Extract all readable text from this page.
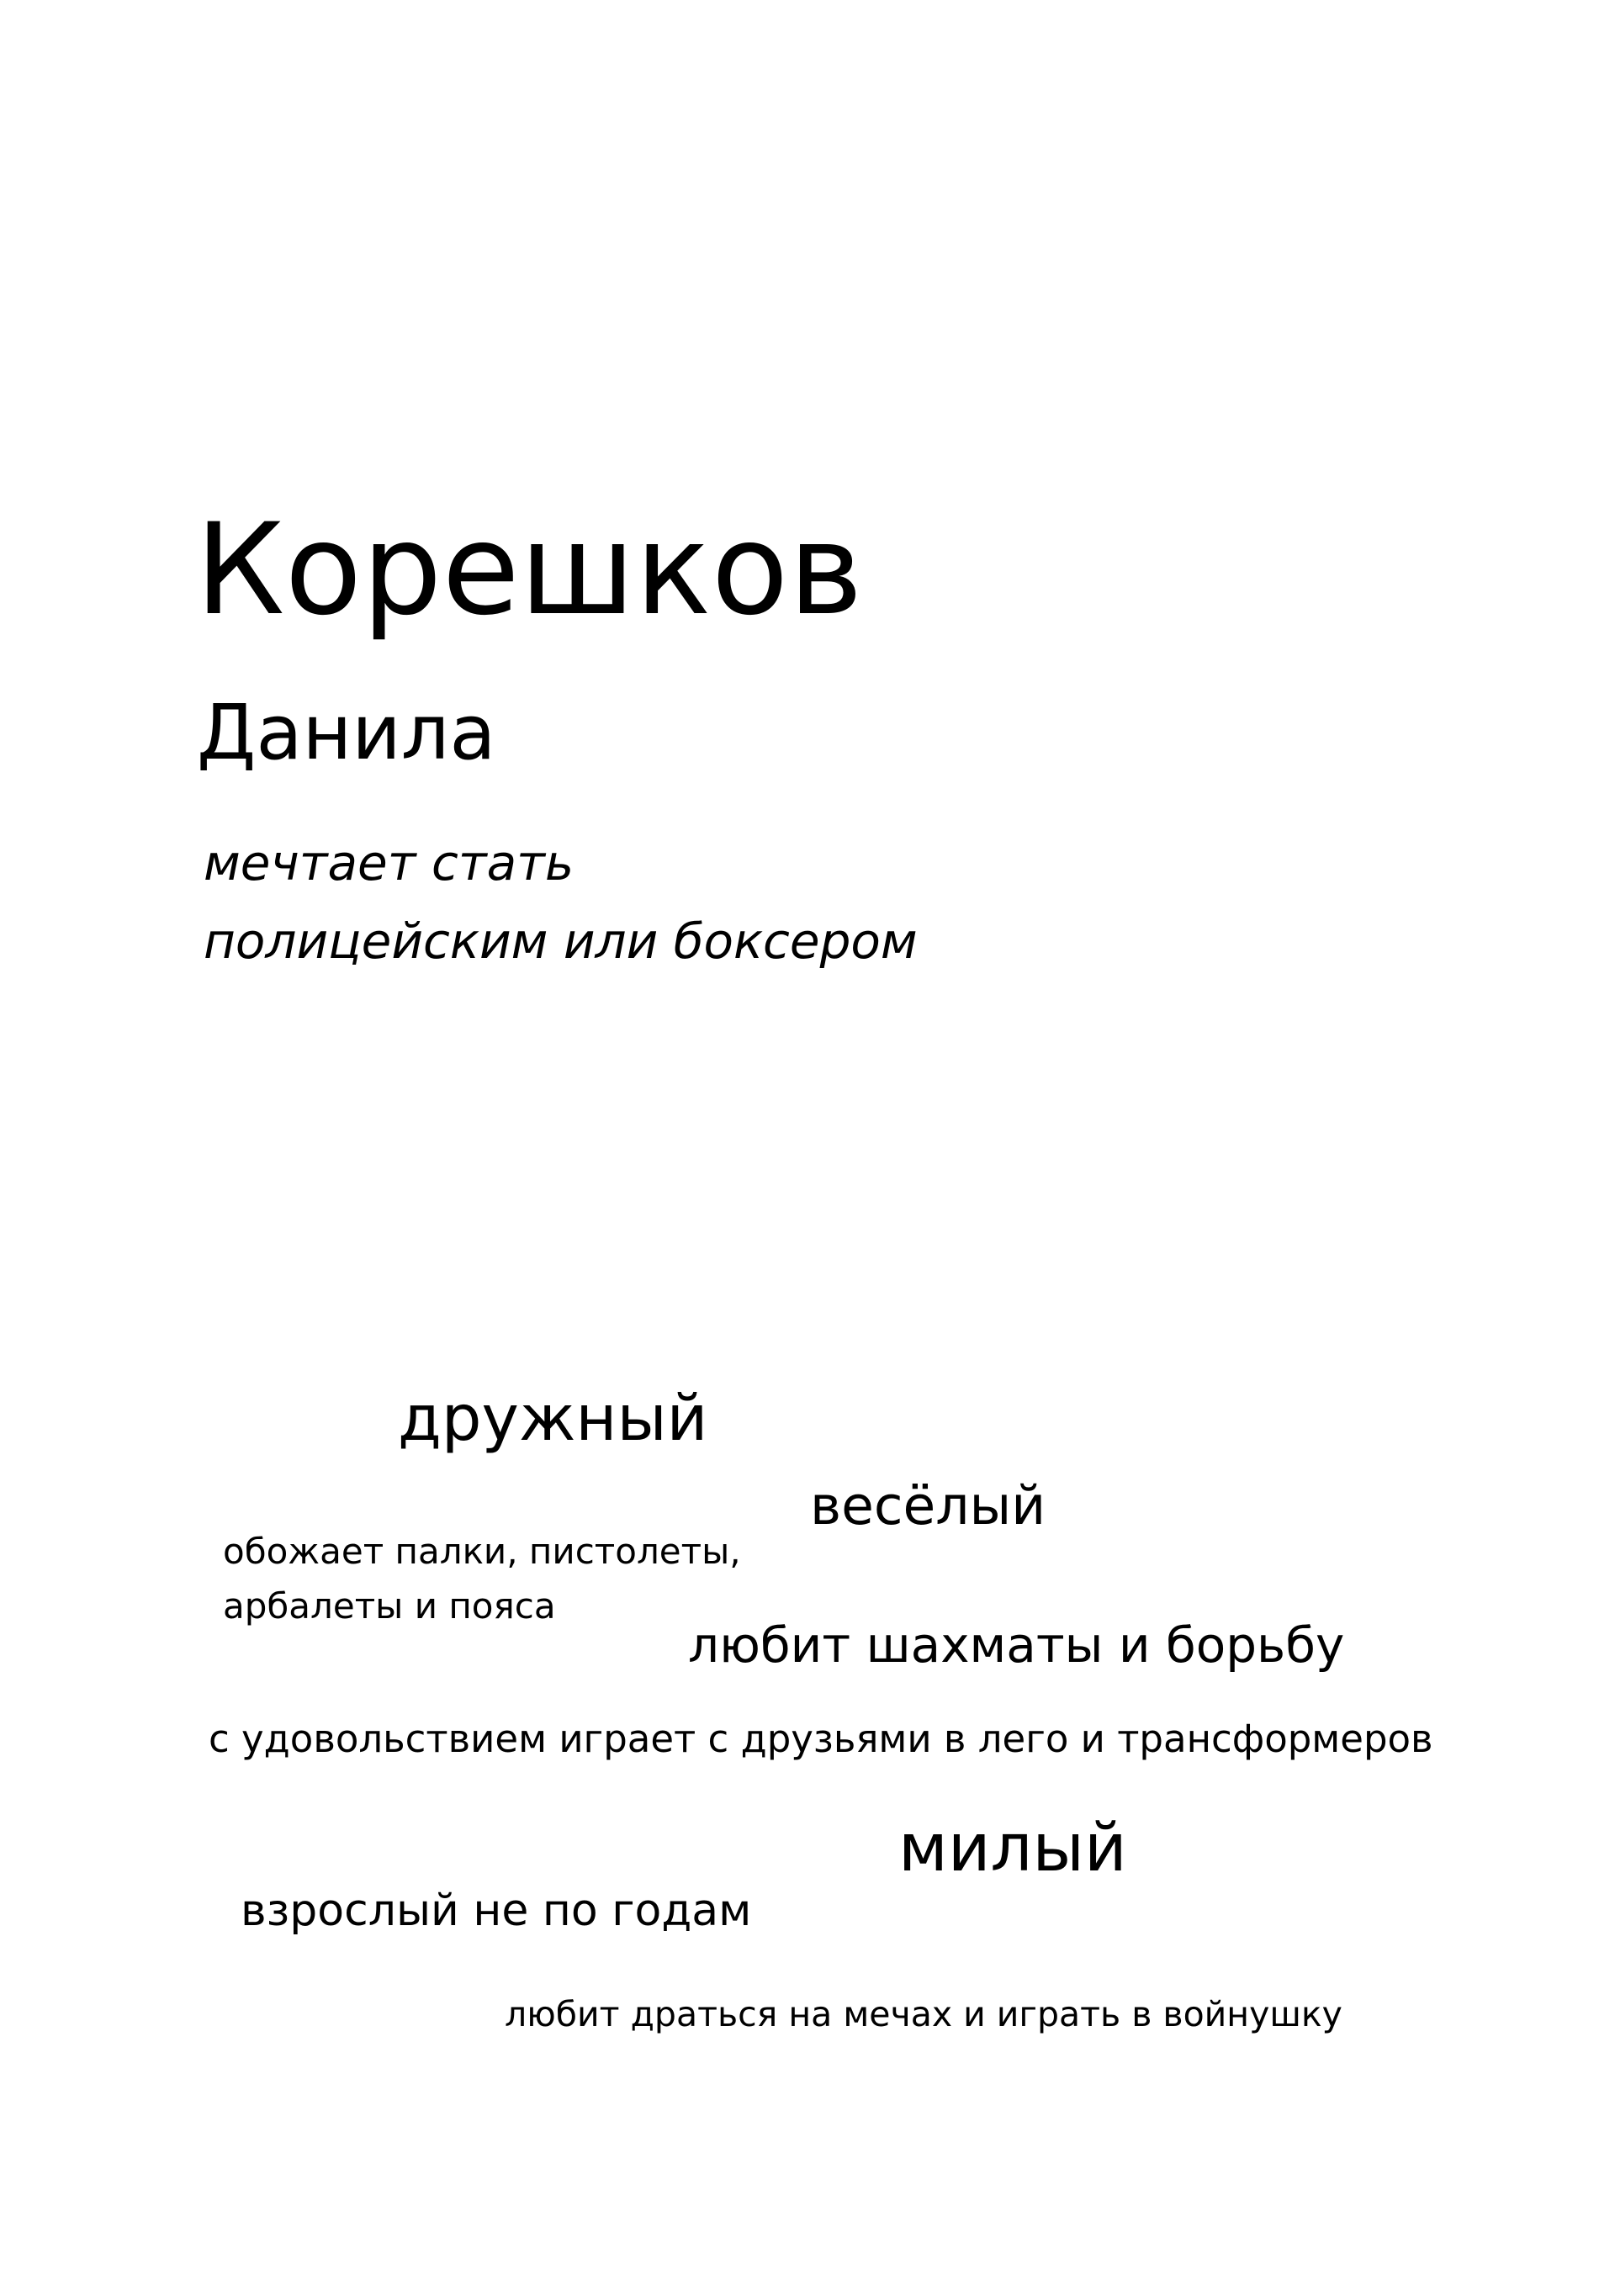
Корешков
Данила
мечтает стать
полицейским или боксером
дружный
весёлый
обожает палки, пистолеты,
арбалеты и пояса
любит шахматы и борьбу
с удовольствием играет с друзьями в лего и трансформеров
милый
взрослый не по годам
любит драться на мечах и играть в войнушку
